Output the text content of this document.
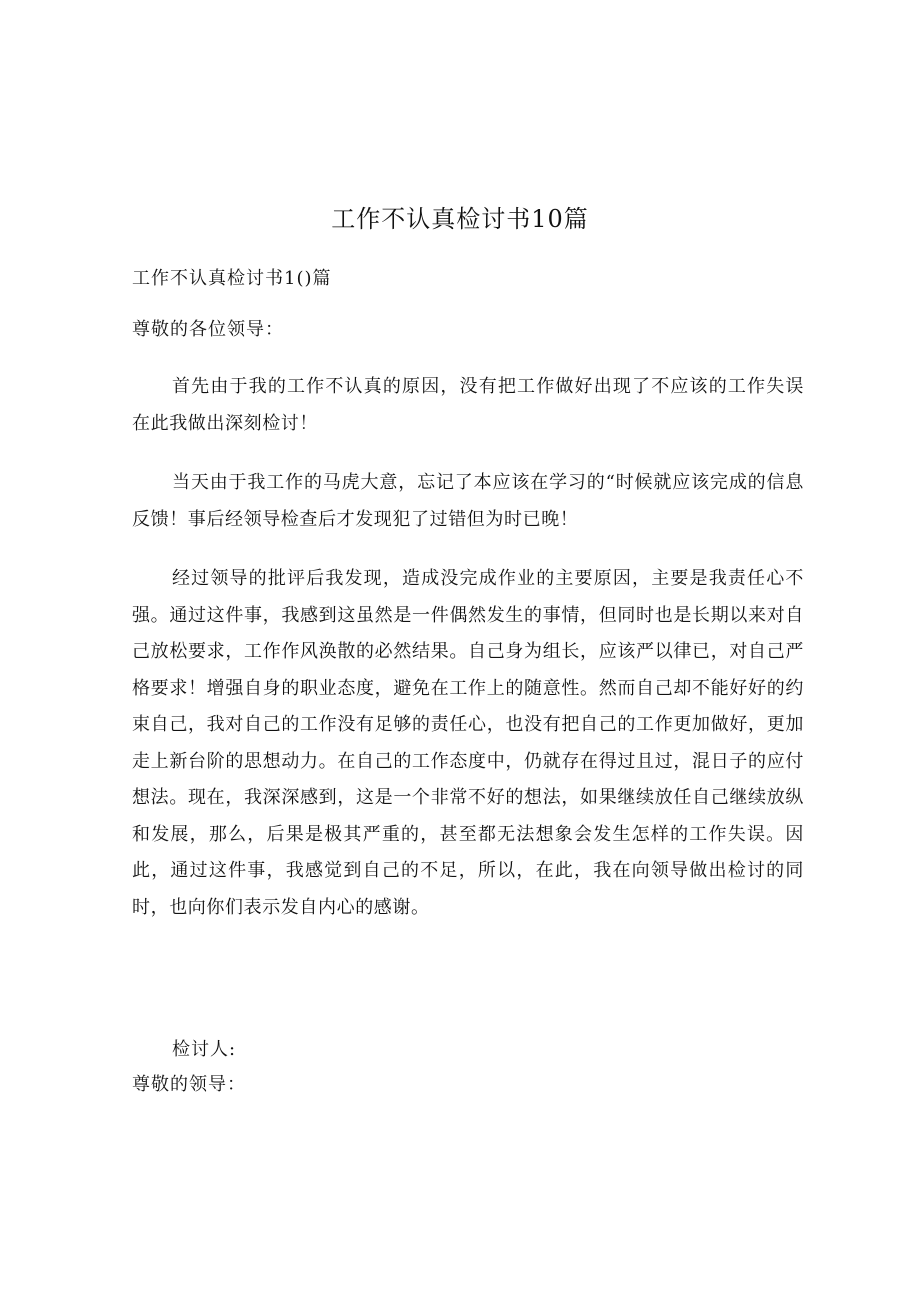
工作不认真检讨书10篇
工作不认真检讨书1()篇
尊敬的各位领导：
首先由于我的工作不认真的原因，没有把工作做好出现了不应该的工作失误在此我做出深刻检讨！
当天由于我工作的马虎大意，忘记了本应该在学习的“时候就应该完成的信息反馈！事后经领导检查后才发现犯了过错但为时已晚！
经过领导的批评后我发现，造成没完成作业的主要原因，主要是我责任心不强。通过这件事，我感到这虽然是一件偶然发生的事情，但同时也是长期以来对自己放松要求，工作作风涣散的必然结果。自己身为组长，应该严以律已，对自己严格要求！增强自身的职业态度，避免在工作上的随意性。然而自己却不能好好的约束自己，我对自己的工作没有足够的责任心，也没有把自己的工作更加做好，更加走上新台阶的思想动力。在自己的工作态度中，仍就存在得过且过，混日子的应付想法。现在，我深深感到，这是一个非常不好的想法，如果继续放任自己继续放纵和发展，那么，后果是极其严重的，甚至都无法想象会发生怎样的工作失误。因此，通过这件事，我感觉到自己的不足，所以，在此，我在向领导做出检讨的同时，也向你们表示发自内心的感谢。
检讨人:
尊敬的领导：
